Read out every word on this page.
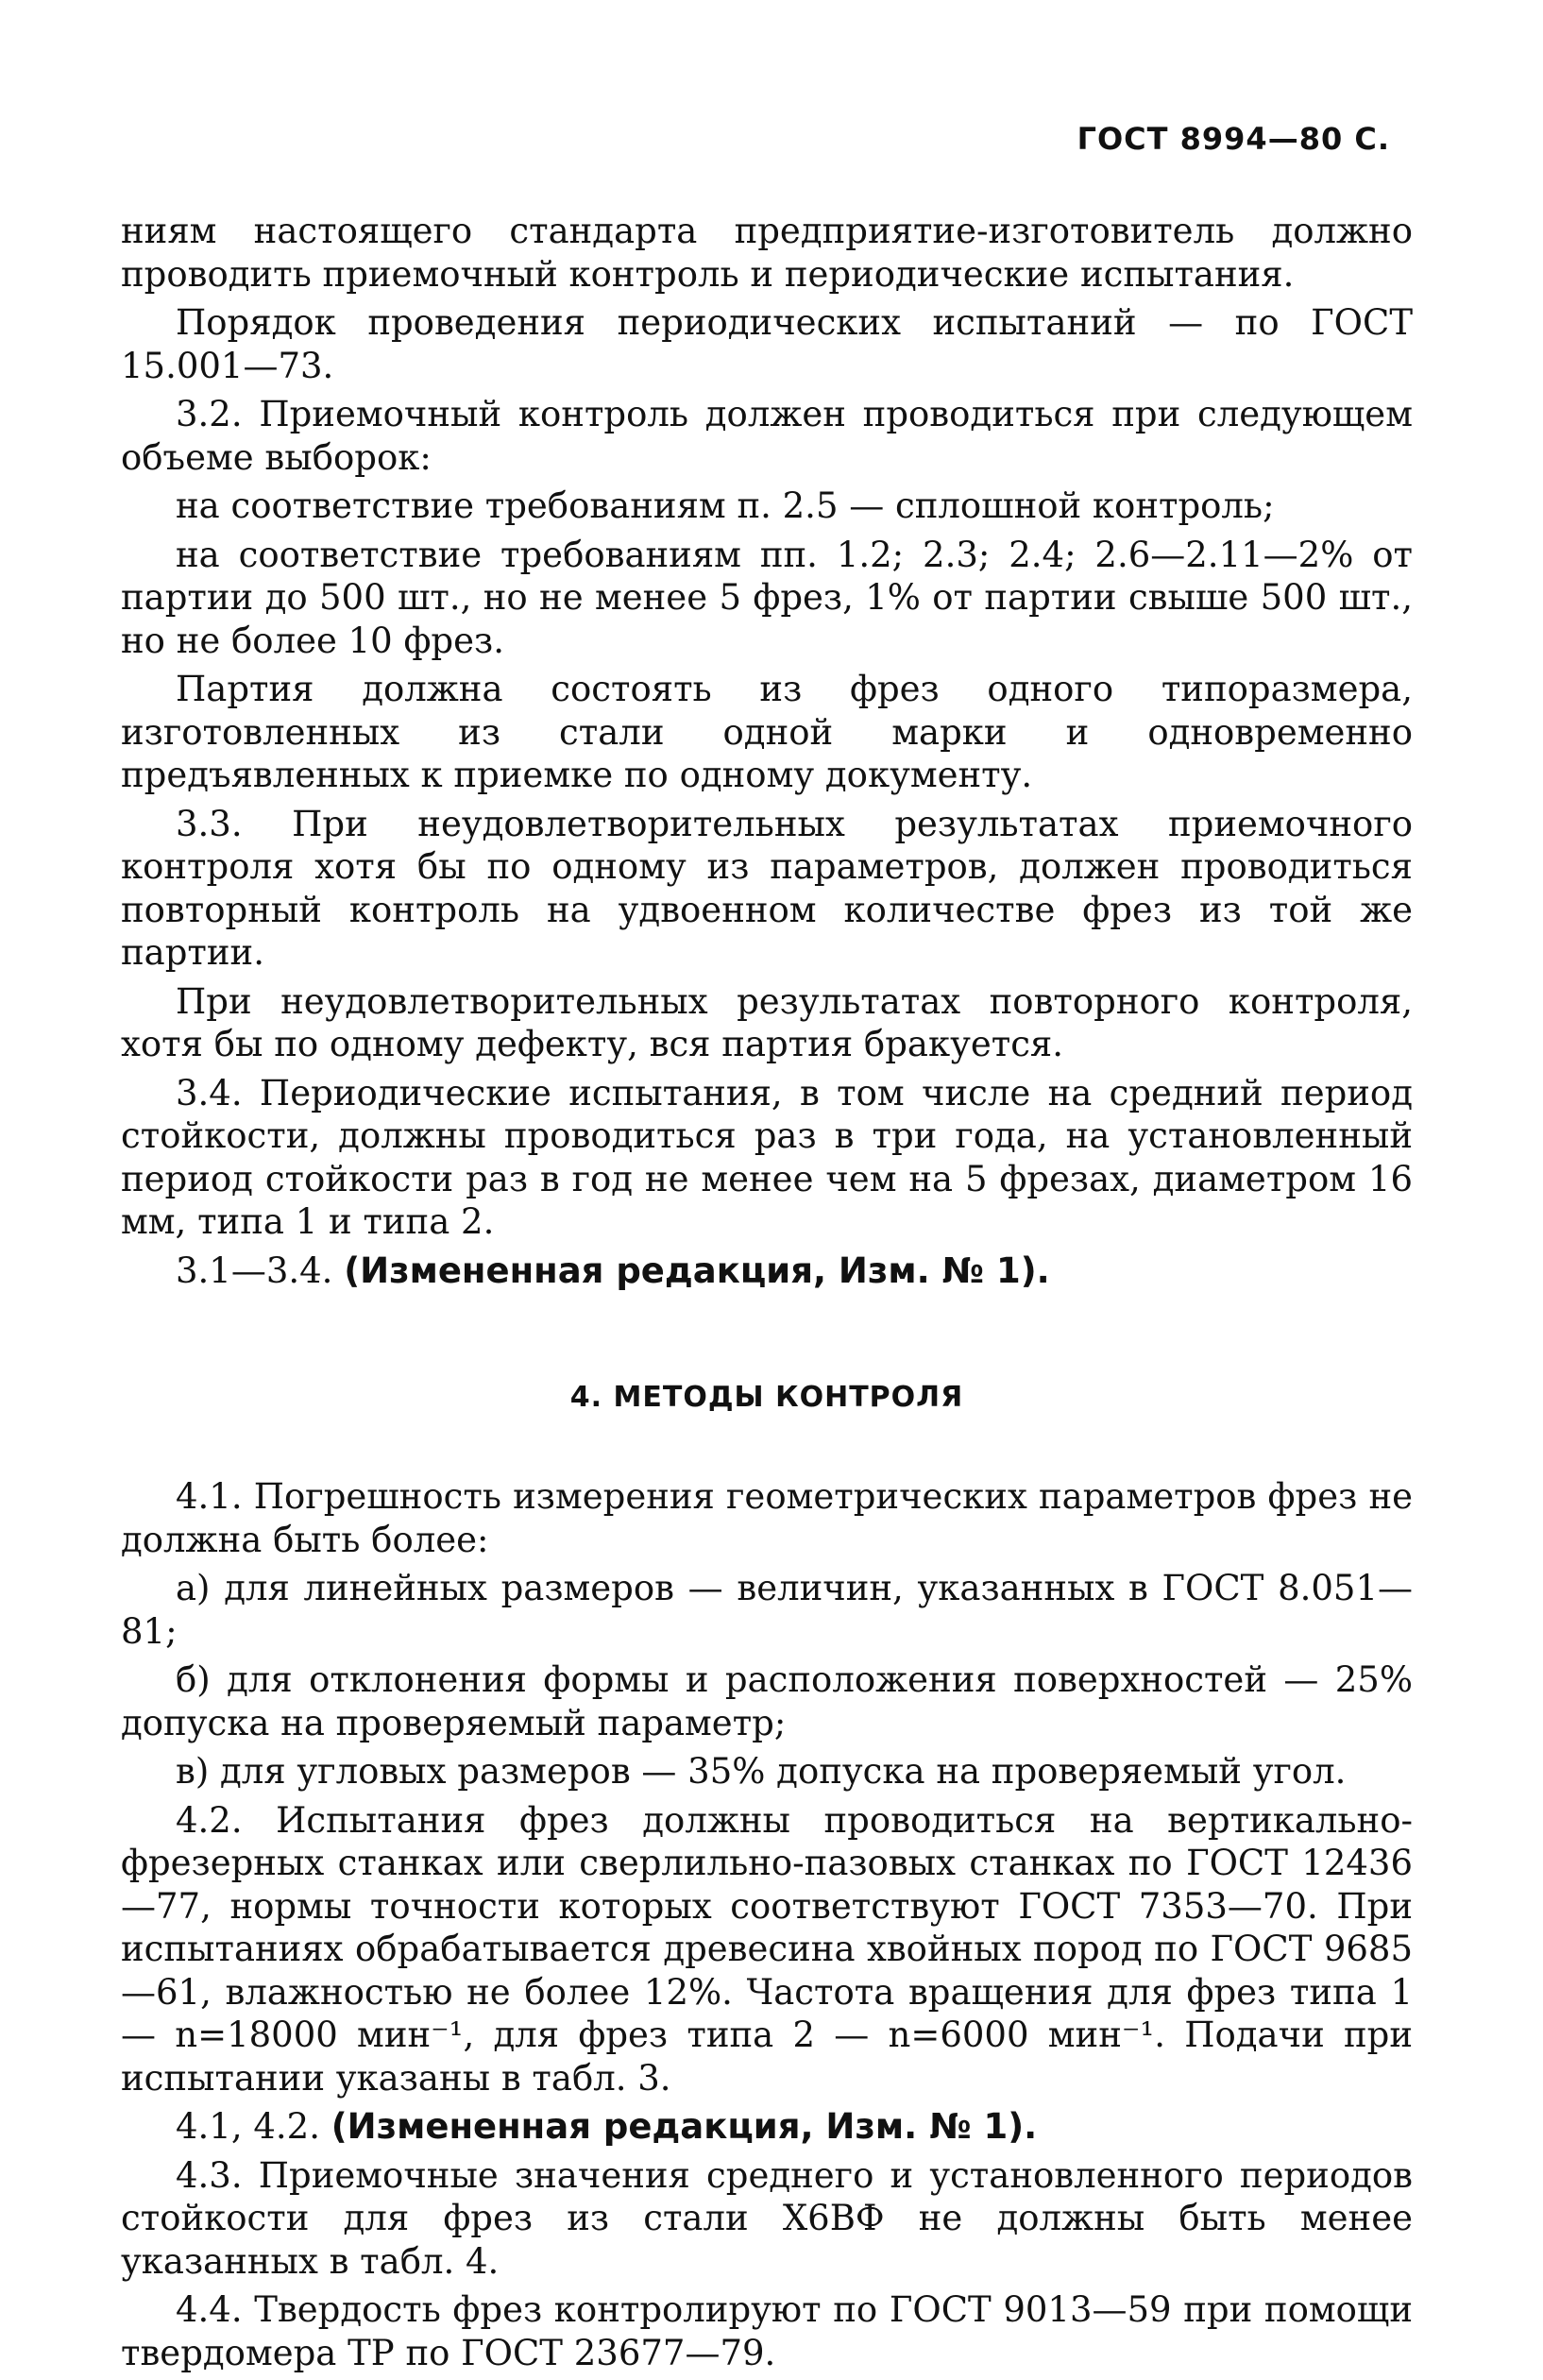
ГОСТ 8994—80 С.

ниям настоящего стандарта предприятие-изготовитель должно проводить приемочный контроль и периодические испытания.

Порядок проведения периодических испытаний — по ГОСТ 15.001—73.

3.2. Приемочный контроль должен проводиться при следующем объеме выборок:

на соответствие требованиям п. 2.5 — сплошной контроль;

на соответствие требованиям пп. 1.2; 2.3; 2.4; 2.6—2.11—2% от партии до 500 шт., но не менее 5 фрез, 1% от партии свыше 500 шт., но не более 10 фрез.

Партия должна состоять из фрез одного типоразмера, изготовленных из стали одной марки и одновременно предъявленных к приемке по одному документу.

3.3. При неудовлетворительных результатах приемочного контроля хотя бы по одному из параметров, должен проводиться повторный контроль на удвоенном количестве фрез из той же партии.

При неудовлетворительных результатах повторного контроля, хотя бы по одному дефекту, вся партия бракуется.

3.4. Периодические испытания, в том числе на средний период стойкости, должны проводиться раз в три года, на установленный период стойкости раз в год не менее чем на 5 фрезах, диаметром 16 мм, типа 1 и типа 2.

3.1—3.4. (Измененная редакция, Изм. № 1).

4. МЕТОДЫ КОНТРОЛЯ

4.1. Погрешность измерения геометрических параметров фрез не должна быть более:

а) для линейных размеров — величин, указанных в ГОСТ 8.051—81;

б) для отклонения формы и расположения поверхностей — 25% допуска на проверяемый параметр;

в) для угловых размеров — 35% допуска на проверяемый угол.

4.2. Испытания фрез должны проводиться на вертикально-фрезерных станках или сверлильно-пазовых станках по ГОСТ 12436—77, нормы точности которых соответствуют ГОСТ 7353—70. При испытаниях обрабатывается древесина хвойных пород по ГОСТ 9685—61, влажностью не более 12%. Частота вращения для фрез типа 1 — n=18000 мин⁻¹, для фрез типа 2 — n=6000 мин⁻¹. Подачи при испытании указаны в табл. 3.

4.1, 4.2. (Измененная редакция, Изм. № 1).

4.3. Приемочные значения среднего и установленного периодов стойкости для фрез из стали Х6ВФ не должны быть менее указанных в табл. 4.

4.4. Твердость фрез контролируют по ГОСТ 9013—59 при помощи твердомера ТР по ГОСТ 23677—79.
